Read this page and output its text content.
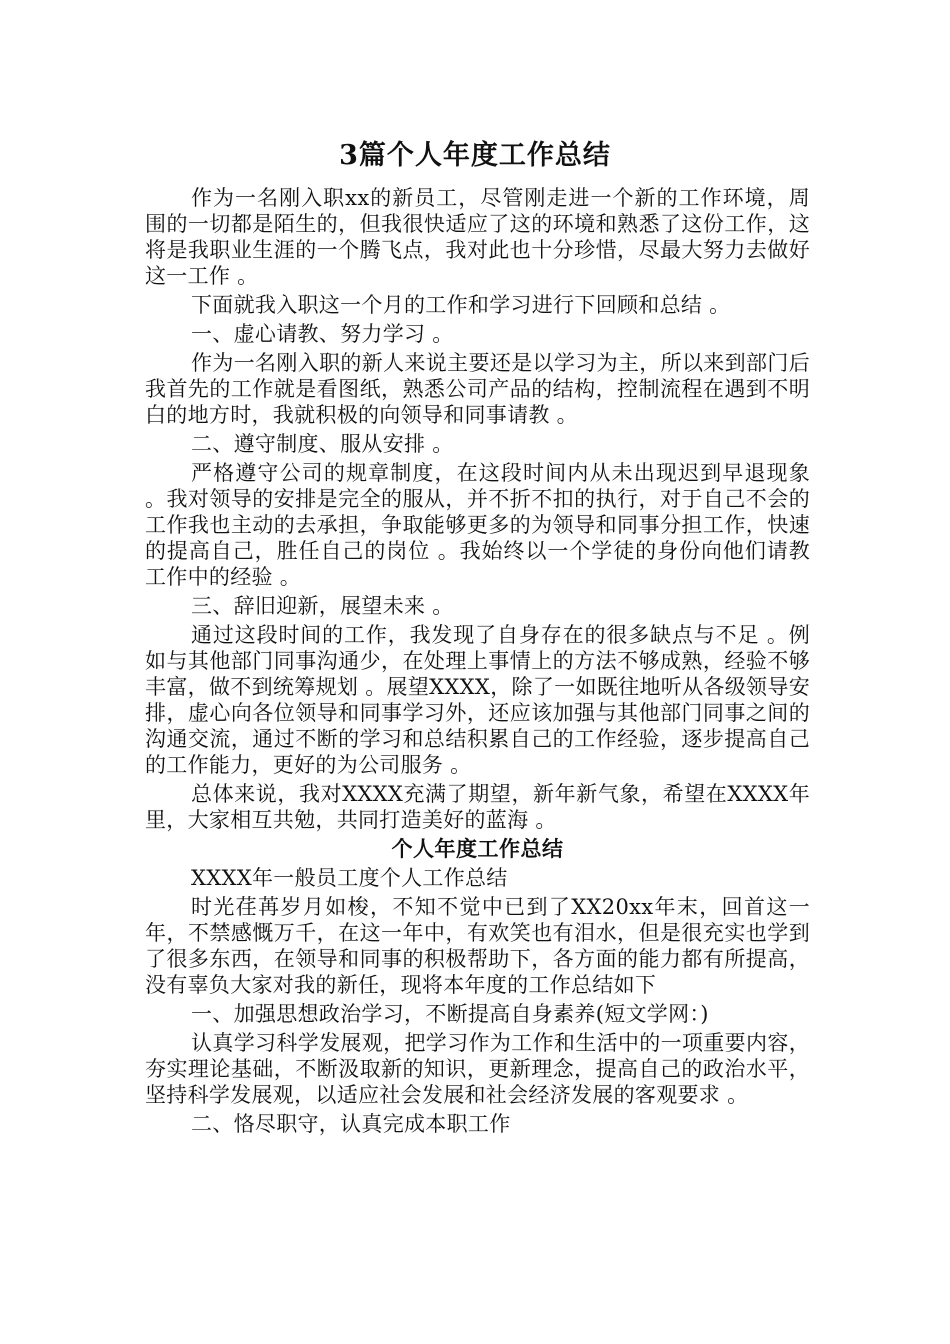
3篇个人年度工作总结

作为一名刚入职xx的新员工，尽管刚走进一个新的工作环境，周围的一切都是陌生的，但我很快适应了这的环境和熟悉了这份工作，这将是我职业生涯的一个腾飞点，我对此也十分珍惜，尽最大努力去做好这一工作 。

下面就我入职这一个月的工作和学习进行下回顾和总结 。

一、虚心请教、努力学习 。

作为一名刚入职的新人来说主要还是以学习为主，所以来到部门后我首先的工作就是看图纸，熟悉公司产品的结构，控制流程在遇到不明白的地方时，我就积极的向领导和同事请教 。

二、遵守制度、服从安排 。

严格遵守公司的规章制度，在这段时间内从未出现迟到早退现象 。我对领导的安排是完全的服从，并不折不扣的执行，对于自己不会的工作我也主动的去承担，争取能够更多的为领导和同事分担工作，快速的提高自己，胜任自己的岗位 。我始终以一个学徒的身份向他们请教工作中的经验 。

三、辞旧迎新，展望未来 。

通过这段时间的工作，我发现了自身存在的很多缺点与不足 。例如与其他部门同事沟通少，在处理上事情上的方法不够成熟，经验不够丰富，做不到统筹规划 。展望XXXX，除了一如既往地听从各级领导安排，虚心向各位领导和同事学习外，还应该加强与其他部门同事之间的沟通交流，通过不断的学习和总结积累自己的工作经验，逐步提高自己的工作能力，更好的为公司服务 。

总体来说，我对XXXX充满了期望，新年新气象，希望在XXXX年里，大家相互共勉，共同打造美好的蓝海 。

个人年度工作总结

XXXX年一般员工度个人工作总结

时光荏苒岁月如梭，不知不觉中已到了XX20xx年末，回首这一年，不禁感慨万千，在这一年中，有欢笑也有泪水，但是很充实也学到了很多东西，在领导和同事的积极帮助下，各方面的能力都有所提高，没有辜负大家对我的新任，现将本年度的工作总结如下

一、加强思想政治学习，不断提高自身素养(短文学网：)

认真学习科学发展观，把学习作为工作和生活中的一项重要内容，夯实理论基础，不断汲取新的知识，更新理念，提高自己的政治水平，坚持科学发展观，以适应社会发展和社会经济发展的客观要求 。

二、恪尽职守，认真完成本职工作
